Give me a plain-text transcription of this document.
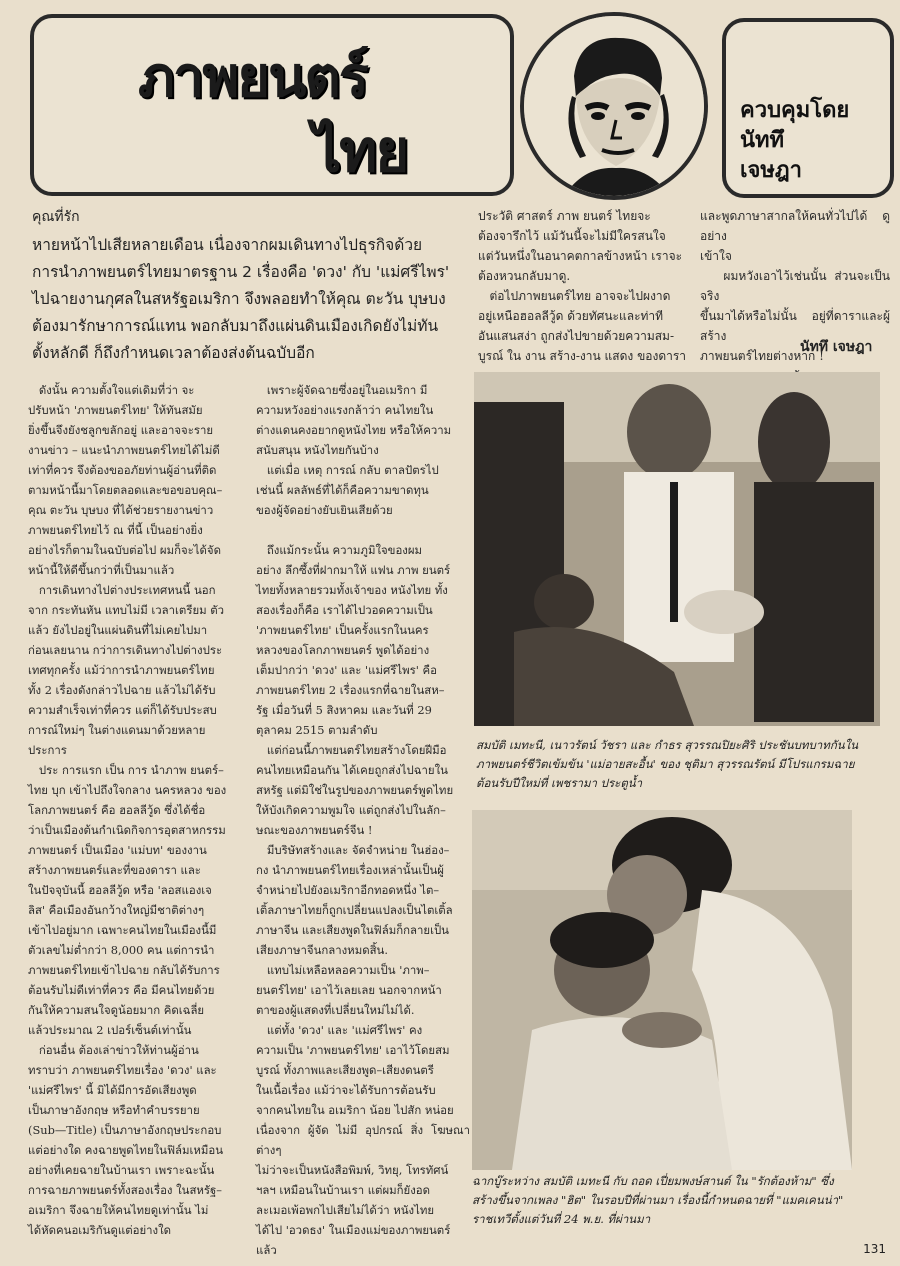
ภาพยนตร์
ไทย
ควบคุมโดย
นัททึ
เจษฎา
คุณที่รัก
หายหน้าไปเสียหลายเดือน เนื่องจากผมเดินทางไปธุรกิจด้วย
การนำภาพยนตร์ไทยมาตรฐาน 2 เรื่องคือ 'ดวง' กับ 'แม่ศรีไพร'
ไปฉายงานกุศลในสหรัฐอเมริกา จึงพลอยทำให้คุณ ตะวัน บุษบง
ต้องมารักษาการณ์แทน พอกลับมาถึงแผ่นดินเมืองเกิดยังไม่ทัน
ตั้งหลักดี ก็ถึงกำหนดเวลาต้องส่งต้นฉบับอีก
ประวัติ ศาสตร์ ภาพ ยนตร์ ไทยจะ
ต้องจารึกไว้ แม้วันนี้จะไม่มีใครสนใจ
แต่วันหนึ่งในอนาคตกาลข้างหน้า เราจะ
ต้องหวนกลับมาดู.
ต่อไปภาพยนตร์ไทย อาจจะไปผงาด
อยู่เหนือฮอลลีวู้ด ด้วยทัศนะและท่าที
อันแสนสง่า ถูกส่งไปขายด้วยความสม-
บูรณ์ ใน งาน สร้าง-งาน แสดง ของดารา
และพูดภาษาสากลให้คนทั่วไปได้ ดูอย่าง
เข้าใจ
ผมหวังเอาไว้เช่นนั้น ส่วนจะเป็นจริง
ขึ้นมาได้หรือไม่นั้น อยู่ที่ดาราและผู้สร้าง
ภาพยนตร์ไทยต่างหาก !

นัททึ เจษฎา
ดังนั้น ความตั้งใจแต่เดิมที่ว่า จะ
ปรับหน้า 'ภาพยนตร์ไทย' ให้ทันสมัย
ยิ่งขึ้นจึงยังชลูกขลักอยู่ และอาจจะราย
งานข่าว – แนะนำภาพยนตร์ไทยได้ไม่ดี
เท่าที่ควร จึงต้องขออภัยท่านผู้อ่านที่ติด
ตามหน้านี้มาโดยตลอดและขอขอบคุณ–
คุณ ตะวัน บุษบง ที่ได้ช่วยรายงานข่าว
ภาพยนตร์ไทยไว้ ณ ที่นี้ เป็นอย่างยิ่ง
อย่างไรก็ตามในฉบับต่อไป ผมก็จะได้จัด
หน้านี้ให้ดีขึ้นกว่าที่เป็นมาแล้ว
การเดินทางไปต่างประเทศหนนี้ นอก
จาก กระทันหัน แทบไม่มี เวลาเตรียม ตัว
แล้ว ยังไปอยู่ในแผ่นดินที่ไม่เคยไปมา
ก่อนเลยนาน กว่าการเดินทางไปต่างประ
เทศทุกครั้ง แม้ว่าการนำภาพยนตร์ไทย
ทั้ง 2 เรื่องดังกล่าวไปฉาย แล้วไม่ได้รับ
ความสำเร็จเท่าที่ควร แต่ก็ได้รับประสบ
การณ์ใหม่ๆ ในต่างแดนมาด้วยหลาย
ประการ
ประ การแรก เป็น การ นำภาพ ยนตร์–
ไทย บุก เข้าไปถึงใจกลาง นครหลวง ของ
โลกภาพยนตร์ คือ ฮอลลีวู้ด ซึ่งได้ชื่อ
ว่าเป็นเมืองต้นกำเนิดกิจการอุตสาหกรรม
ภาพยนตร์ เป็นเมือง 'แม่บท' ของงาน
สร้างภาพยนตร์และที่ของดารา และ
ในปัจจุบันนี้ ฮอลลีวู้ด หรือ 'ลอสแองเจ
ลิส' คือเมืองอันกว้างใหญ่มีชาติต่างๆ
เข้าไปอยู่มาก เฉพาะคนไทยในเมืองนี้มี
ตัวเลขไม่ต่ำกว่า 8,000 คน แต่การนำ
ภาพยนตร์ไทยเข้าไปฉาย กลับได้รับการ
ต้อนรับไม่ดีเท่าที่ควร คือ มีคนไทยด้วย
กันให้ความสนใจดูน้อยมาก คิดเฉลี่ย
แล้วประมาณ 2 เปอร์เซ็นต์เท่านั้น
ก่อนอื่น ต้องเล่าข่าวให้ท่านผู้อ่าน
ทราบว่า ภาพยนตร์ไทยเรื่อง 'ดวง' และ
'แม่ศรีไพร' นี้ มิได้มีการอัดเสียงพูด
เป็นภาษาอังกฤษ หรือทำคำบรรยาย
(Sub—Title) เป็นภาษาอังกฤษประกอบ
แต่อย่างใด คงฉายพูดไทยในฟิล์มเหมือน
อย่างที่เคยฉายในบ้านเรา เพราะฉะนั้น
การฉายภาพยนตร์ทั้งสองเรื่อง ในสหรัฐ–
อเมริกา จึงฉายให้คนไทยดูเท่านั้น ไม่
ได้หัดคนอเมริกันดูแต่อย่างใด
เพราะผู้จัดฉายซึ่งอยู่ในอเมริกา มี
ความหวังอย่างแรงกล้าว่า คนไทยใน
ต่างแดนคงอยากดูหนังไทย หรือให้ความ
สนับสนุน หนังไทยกันบ้าง
แต่เมื่อ เหตุ การณ์ กลับ ตาลปัตรไป
เช่นนี้ ผลลัพธ์ที่ได้ก็คือความขาดทุน
ของผู้จัดอย่างยับเยินเสียด้วย

ถึงแม้กระนั้น ความภูมิใจของผม
อย่าง ลึกซึ้งที่ฝากมาให้ แฟน ภาพ ยนตร์
ไทยทั้งหลายรวมทั้งเจ้าของ หนังไทย ทั้ง
สองเรื่องก็คือ เราได้ไปวอดความเป็น
'ภาพยนตร์ไทย' เป็นครั้งแรกในนคร
หลวงของโลกภาพยนตร์ พูดได้อย่าง
เต็มปากว่า 'ดวง' และ 'แม่ศรีไพร' คือ
ภาพยนตร์ไทย 2 เรื่องแรกที่ฉายในสห–
รัฐ เมื่อวันที่ 5 สิงหาคม และวันที่ 29
ตุลาคม 2515 ตามลำดับ
แต่ก่อนนี้ภาพยนตร์ไทยสร้างโดยฝีมือ
คนไทยเหมือนกัน ได้เคยถูกส่งไปฉายใน
สหรัฐ แต่มิใช่ในรูปของภาพยนตร์พูดไทย
ให้บังเกิดความพูมใจ แต่ถูกส่งไปในลัก–
ษณะของภาพยนตร์จีน !
มีบริษัทสร้างและ จัดจำหน่าย ในฮ่อง–
กง นำภาพยนตร์ไทยเรื่องเหล่านั้นเป็นผู้
จำหน่ายไปยังอเมริกาอีกทอดหนึ่ง ไต–
เติ้ลภาษาไทยก็ถูกเปลี่ยนแปลงเป็นไตเติ้ล
ภาษาจีน และเสียงพูดในฟิล์มก็กลายเป็น
เสียงภาษาจีนกลางหมดสิ้น.
แทบไม่เหลือหลอความเป็น 'ภาพ–
ยนตร์ไทย' เอาไว้เลยเลย นอกจากหน้า
ตาของผู้แสดงที่เปลี่ยนใหม่ไม่ได้.
แต่ทั้ง 'ดวง' และ 'แม่ศรีไพร' คง
ความเป็น 'ภาพยนตร์ไทย' เอาไว้โดยสม
บูรณ์ ทั้งภาพและเสียงพูด–เสียงดนตรี
ในเนื้อเรื่อง แม้ว่าจะได้รับการต้อนรับ
จากคนไทยใน อเมริกา น้อย ไปสัก หน่อย
เนื่องจาก ผู้จัด ไม่มี อุปกรณ์ สิ่ง โฆษณาต่างๆ
ไม่ว่าจะเป็นหนังสือพิมพ์, วิทยุ, โทรทัศน์
ฯลฯ เหมือนในบ้านเรา แต่ผมก็ยังอด
ละเมอเพ้อพกไปเสียไม่ได้ว่า หนังไทย
ได้ไป 'อวดธง' ในเมืองแม่ของภาพยนตร์
แล้ว
สมบัติ เมทะนี, เนาวรัตน์ วัชรา และ กำธร สุวรรณปิยะศิริ ประชันบทบาทกันใน
ภาพยนตร์ชีวิตเข้มข้น 'แม่อายสะอื้น' ของ ชุติมา สุวรรณรัตน์ มีโปรแกรมฉาย
ต้อนรับปีใหม่ที่ เพชรามา ประตูน้ำ
ฉากบู๊ระหว่าง สมบัติ เมทะนี กับ ถอด เปี่ยมพงษ์สานต์ ใน "รักต้องห้าม" ซึ่ง
สร้างขึ้นจากเพลง "ฮิต" ในรอบปีที่ผ่านมา เรื่องนี้กำหนดฉายที่ "แมคเคนน่า"
ราชเทวีตั้งแต่วันที่ 24 พ.ย. ที่ผ่านมา
131
